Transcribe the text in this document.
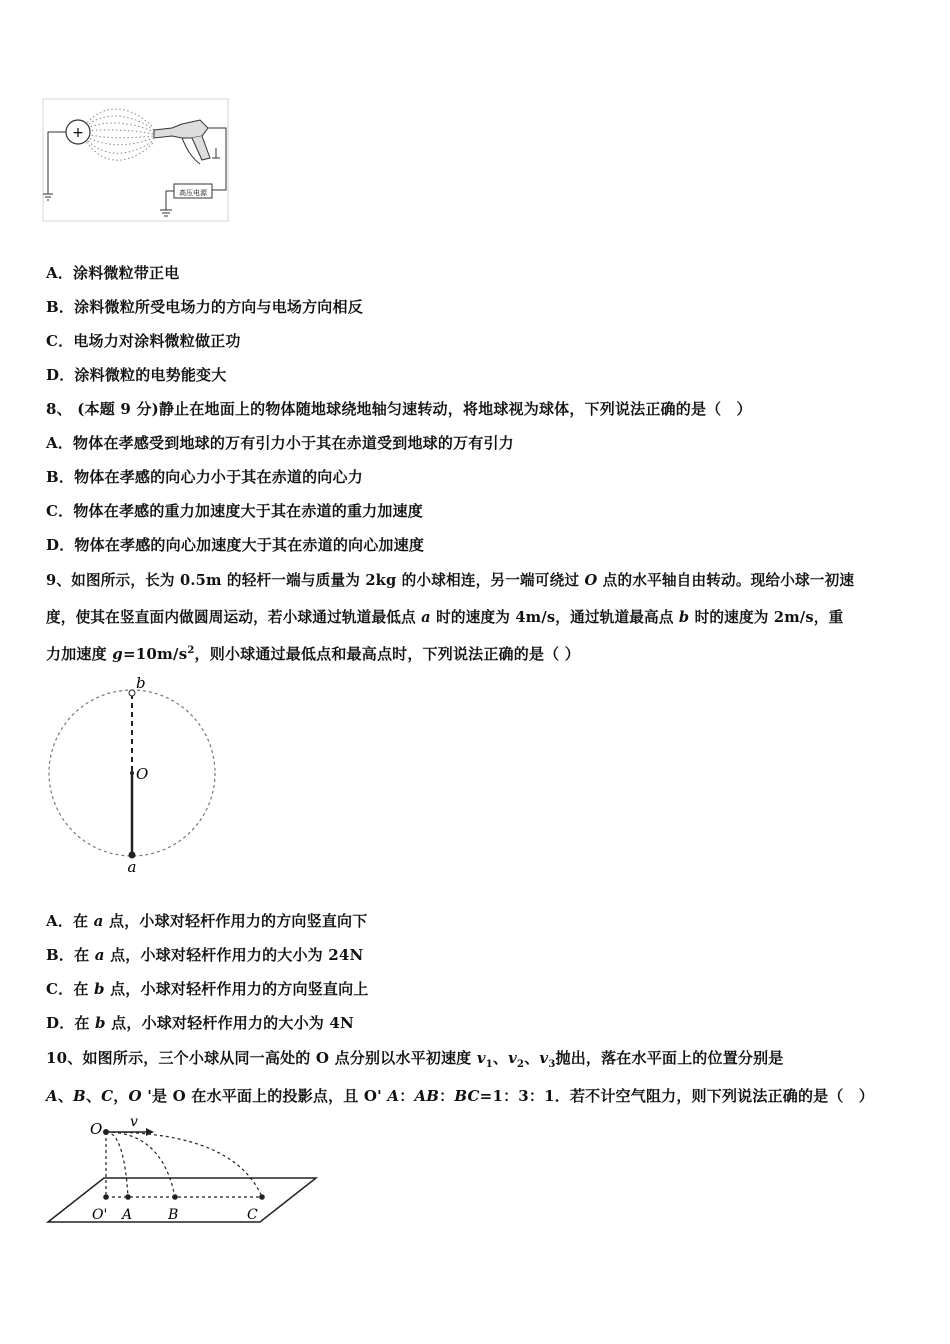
+
高压电源
A．涂料微粒带正电
B．涂料微粒所受电场力的方向与电场方向相反
C．电场力对涂料微粒做正功
D．涂料微粒的电势能变大
8、 (本题 9 分)静止在地面上的物体随地球绕地轴匀速转动，将地球视为球体，下列说法正确的是（　）
A．物体在孝感受到地球的万有引力小于其在赤道受到地球的万有引力
B．物体在孝感的向心力小于其在赤道的向心力
C．物体在孝感的重力加速度大于其在赤道的重力加速度
D．物体在孝感的向心加速度大于其在赤道的向心加速度
9、如图所示，长为 0.5m 的轻杆一端与质量为 2kg 的小球相连，另一端可绕过 O 点的水平轴自由转动。现给小球一初速
度，使其在竖直面内做圆周运动，若小球通过轨道最低点 a 时的速度为 4m/s，通过轨道最高点 b 时的速度为 2m/s，重
力加速度 $g=10m/s^2$，则小球通过最低点和最高点时，下列说法正确的是（ ）
b
O
a
A．在 a 点，小球对轻杆作用力的方向竖直向下
B．在 a 点，小球对轻杆作用力的大小为 24N
C．在 b 点，小球对轻杆作用力的方向竖直向上
D．在 b 点，小球对轻杆作用力的大小为 4N
10、如图所示，三个小球从同一高处的 O 点分别以水平初速度 $v_1$、$v_2$、$v_3$抛出，落在水平面上的位置分别是
A、B、C，O '是 O 在水平面上的投影点，且 O' A：AB：BC=1：3：1．若不计空气阻力，则下列说法正确的是（　）
O v
O' A	B	C
